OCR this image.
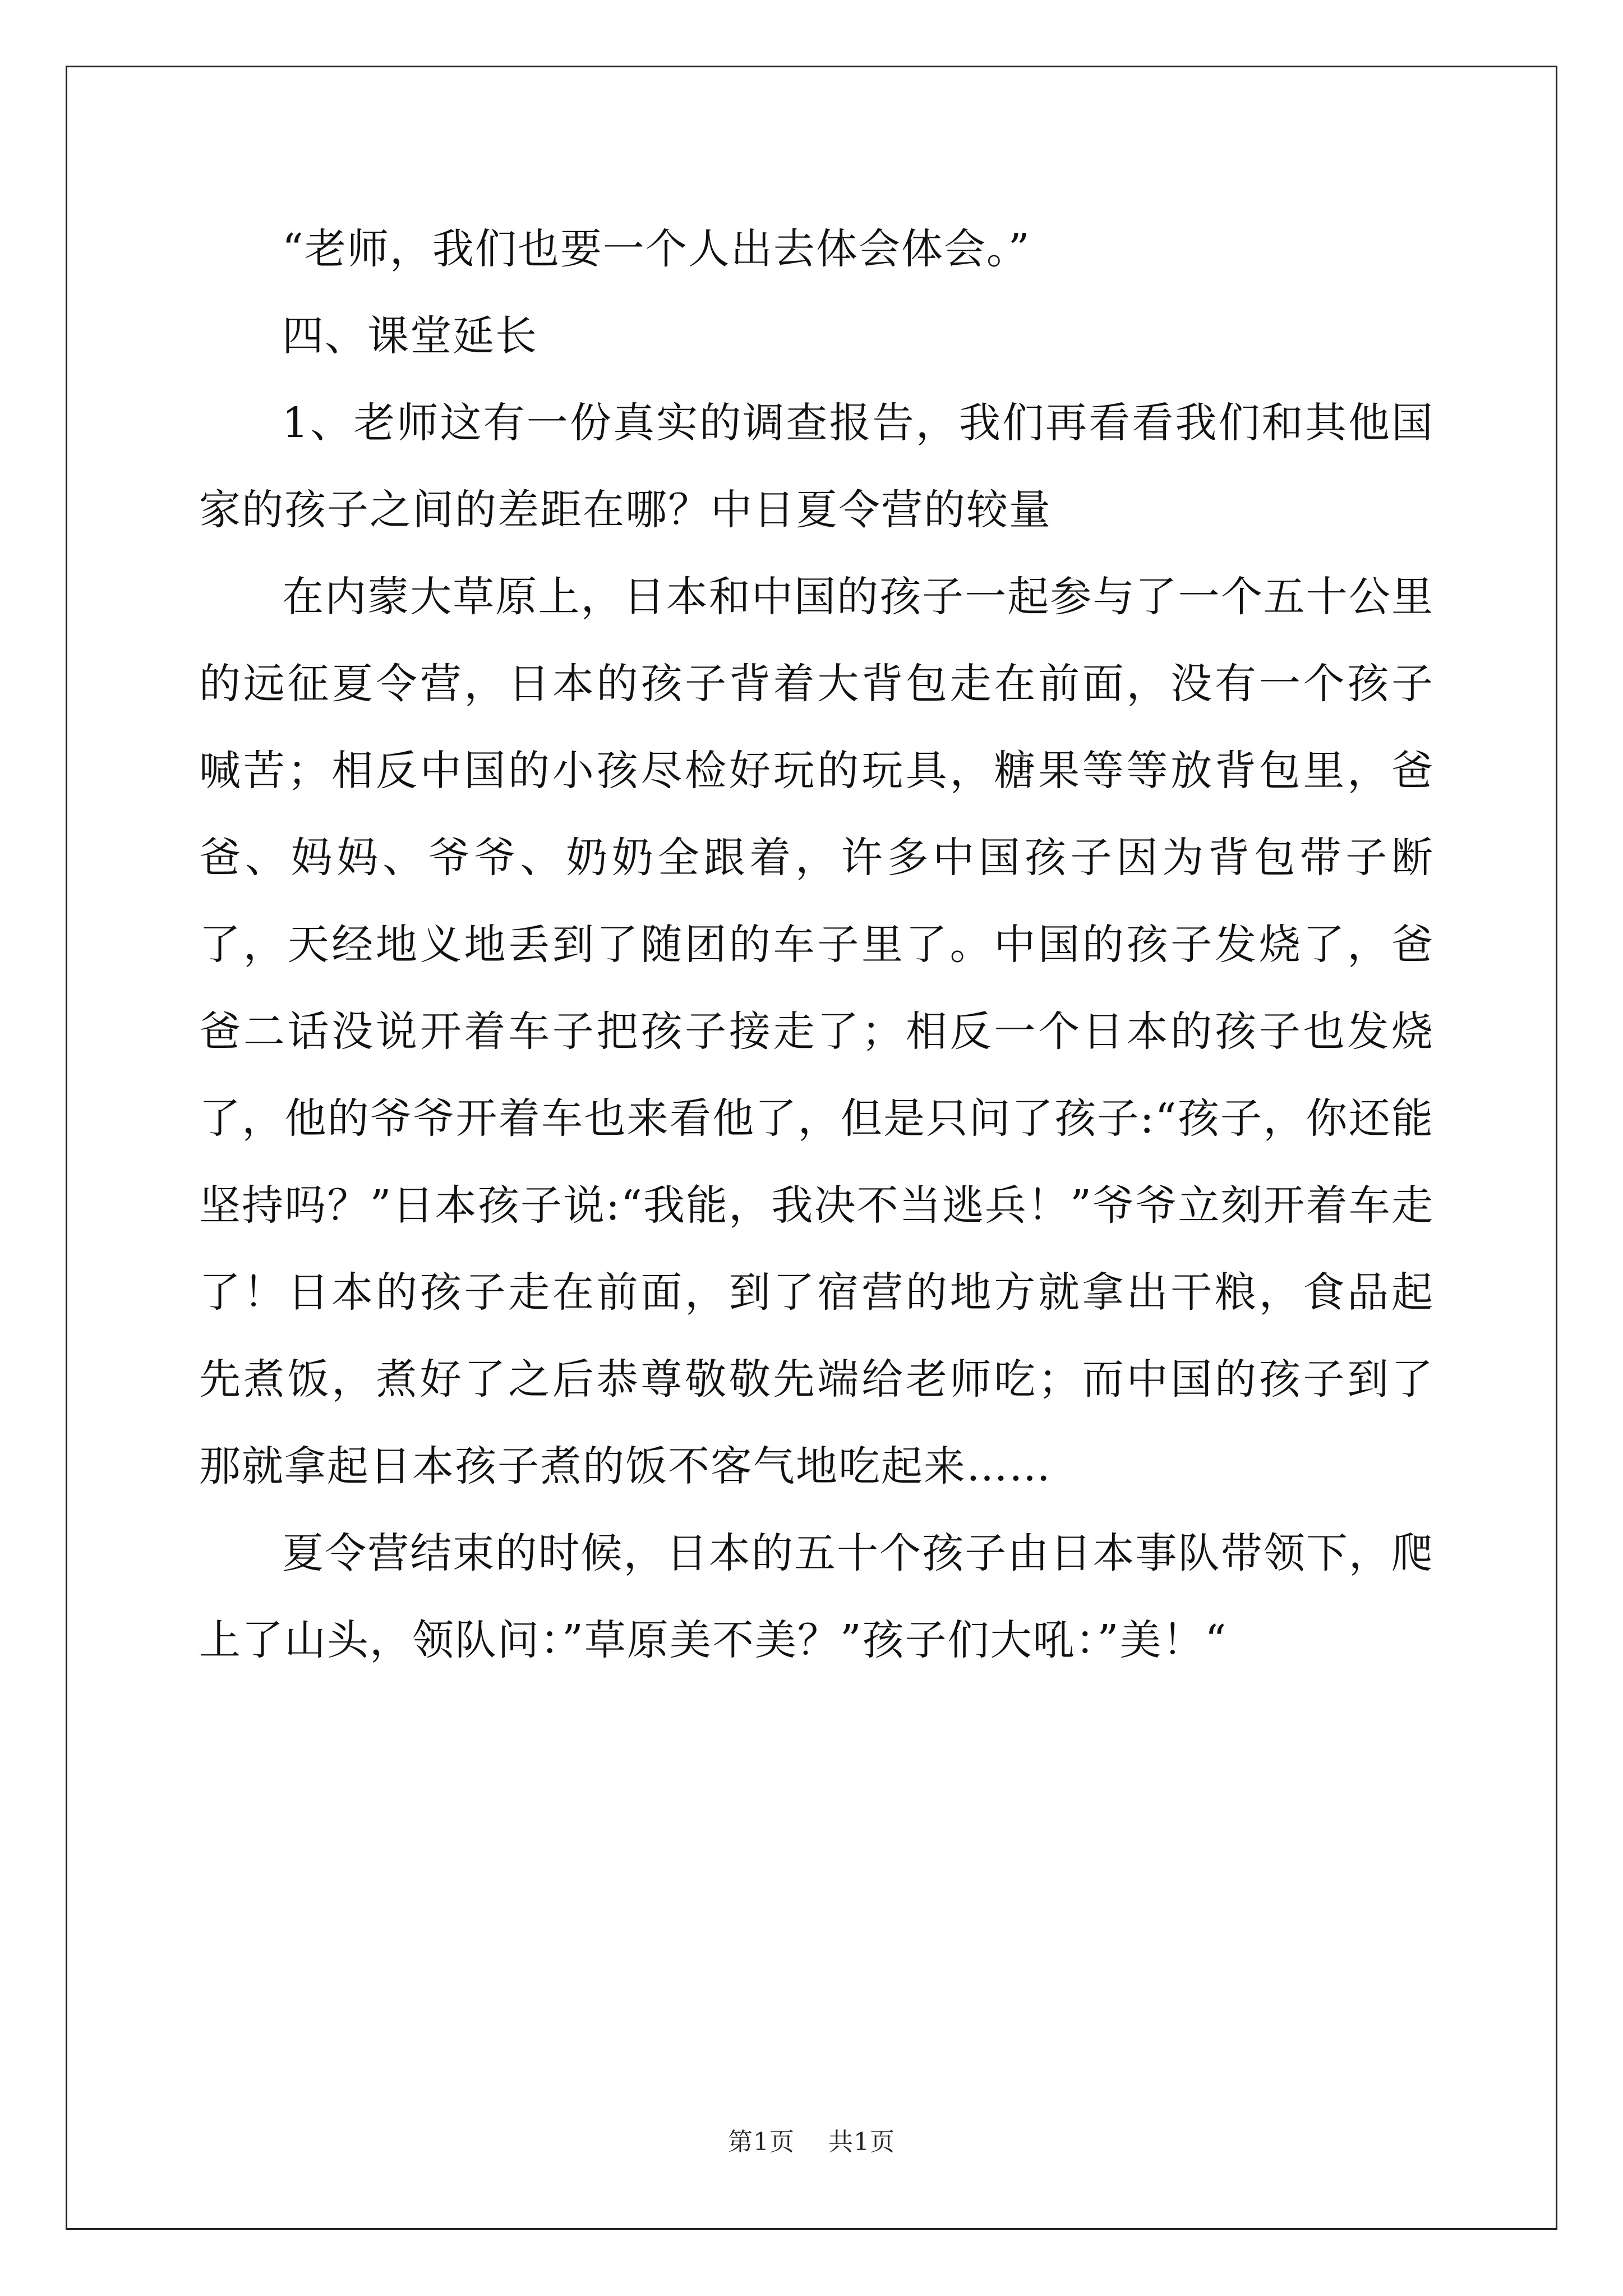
“老师，我们也要一个人出去体会体会。”

四、课堂延长

1、老师这有一份真实的调查报告，我们再看看我们和其他国家的孩子之间的差距在哪？中日夏令营的较量

在内蒙大草原上，日本和中国的孩子一起参与了一个五十公里的远征夏令营，日本的孩子背着大背包走在前面，没有一个孩子喊苦；相反中国的小孩尽检好玩的玩具，糖果等等放背包里，爸爸、妈妈、爷爷、奶奶全跟着，许多中国孩子因为背包带子断了，天经地义地丢到了随团的车子里了。中国的孩子发烧了，爸爸二话没说开着车子把孩子接走了；相反一个日本的孩子也发烧了，他的爷爷开着车也来看他了，但是只问了孩子:“孩子，你还能坚持吗？”日本孩子说:“我能，我决不当逃兵！”爷爷立刻开着车走了！日本的孩子走在前面，到了宿营的地方就拿出干粮，食品起先煮饭，煮好了之后恭尊敬敬先端给老师吃；而中国的孩子到了那就拿起日本孩子煮的饭不客气地吃起来……

夏令营结束的时候，日本的五十个孩子由日本事队带领下，爬上了山头，领队问：”草原美不美？”孩子们大吼：”美！“

第1页 共1页
